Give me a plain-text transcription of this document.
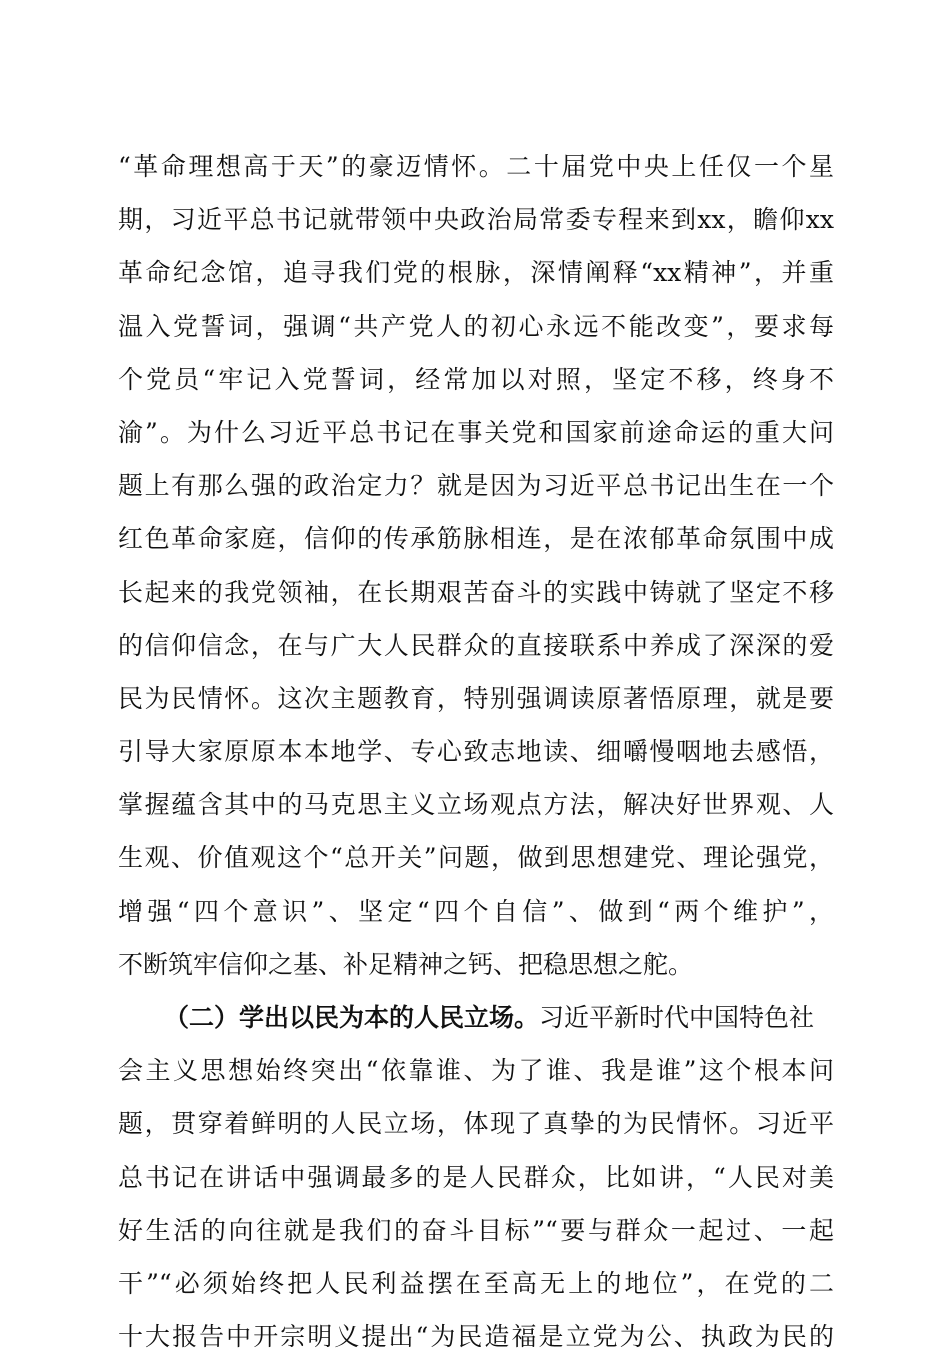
“革命理想高于天”的豪迈情怀。二十届党中央上任仅一个星
期，习近平总书记就带领中央政治局常委专程来到xx，瞻仰xx
革命纪念馆，追寻我们党的根脉，深情阐释“xx精神”，并重
温入党誓词，强调“共产党人的初心永远不能改变”，要求每
个党员“牢记入党誓词，经常加以对照，坚定不移，终身不
渝”。为什么习近平总书记在事关党和国家前途命运的重大问
题上有那么强的政治定力？就是因为习近平总书记出生在一个
红色革命家庭，信仰的传承筋脉相连，是在浓郁革命氛围中成
长起来的我党领袖，在长期艰苦奋斗的实践中铸就了坚定不移
的信仰信念，在与广大人民群众的直接联系中养成了深深的爱
民为民情怀。这次主题教育，特别强调读原著悟原理，就是要
引导大家原原本本地学、专心致志地读、细嚼慢咽地去感悟，
掌握蕴含其中的马克思主义立场观点方法，解决好世界观、人
生观、价值观这个“总开关”问题，做到思想建党、理论强党，
增强“四个意识”、坚定“四个自信”、做到“两个维护”，
不断筑牢信仰之基、补足精神之钙、把稳思想之舵。
（二）学出以民为本的人民立场。习近平新时代中国特色社
会主义思想始终突出“依靠谁、为了谁、我是谁”这个根本问
题，贯穿着鲜明的人民立场，体现了真挚的为民情怀。习近平
总书记在讲话中强调最多的是人民群众，比如讲，“人民对美
好生活的向往就是我们的奋斗目标”“要与群众一起过、一起
干”“必须始终把人民利益摆在至高无上的地位”，在党的二
十大报告中开宗明义提出“为民造福是立党为公、执政为民的
